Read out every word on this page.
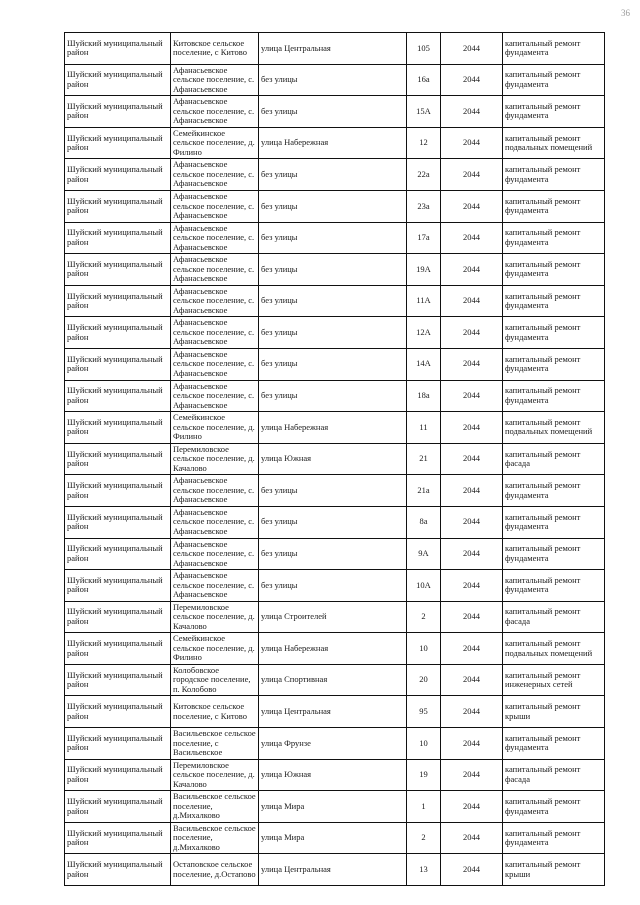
36
Шуйский муниципальный район	Китовское сельское поселение, с Китово	улица Центральная	105	2044	капитальный ремонт фундамента
Шуйский муниципальный район	Афанасьевское сельское поселение, с. Афанасьевское	без улицы	16а	2044	капитальный ремонт фундамента
Шуйский муниципальный район	Афанасьевское сельское поселение, с. Афанасьевское	без улицы	15А	2044	капитальный ремонт фундамента
Шуйский муниципальный район	Семейкинское сельское поселение, д. Филино	улица Набережная	12	2044	капитальный ремонт подвальных помещений
Шуйский муниципальный район	Афанасьевское сельское поселение, с. Афанасьевское	без улицы	22а	2044	капитальный ремонт фундамента
Шуйский муниципальный район	Афанасьевское сельское поселение, с. Афанасьевское	без улицы	23а	2044	капитальный ремонт фундамента
Шуйский муниципальный район	Афанасьевское сельское поселение, с. Афанасьевское	без улицы	17а	2044	капитальный ремонт фундамента
Шуйский муниципальный район	Афанасьевское сельское поселение, с. Афанасьевское	без улицы	19А	2044	капитальный ремонт фундамента
Шуйский муниципальный район	Афанасьевское сельское поселение, с. Афанасьевское	без улицы	11А	2044	капитальный ремонт фундамента
Шуйский муниципальный район	Афанасьевское сельское поселение, с. Афанасьевское	без улицы	12А	2044	капитальный ремонт фундамента
Шуйский муниципальный район	Афанасьевское сельское поселение, с. Афанасьевское	без улицы	14А	2044	капитальный ремонт фундамента
Шуйский муниципальный район	Афанасьевское сельское поселение, с. Афанасьевское	без улицы	18а	2044	капитальный ремонт фундамента
Шуйский муниципальный район	Семейкинское сельское поселение, д. Филино	улица Набережная	11	2044	капитальный ремонт подвальных помещений
Шуйский муниципальный район	Перемиловское сельское поселение, д. Качалово	улица Южная	21	2044	капитальный ремонт фасада
Шуйский муниципальный район	Афанасьевское сельское поселение, с. Афанасьевское	без улицы	21а	2044	капитальный ремонт фундамента
Шуйский муниципальный район	Афанасьевское сельское поселение, с. Афанасьевское	без улицы	8а	2044	капитальный ремонт фундамента
Шуйский муниципальный район	Афанасьевское сельское поселение, с. Афанасьевское	без улицы	9А	2044	капитальный ремонт фундамента
Шуйский муниципальный район	Афанасьевское сельское поселение, с. Афанасьевское	без улицы	10А	2044	капитальный ремонт фундамента
Шуйский муниципальный район	Перемиловское сельское поселение, д. Качалово	улица Строителей	2	2044	капитальный ремонт фасада
Шуйский муниципальный район	Семейкинское сельское поселение, д. Филино	улица Набережная	10	2044	капитальный ремонт подвальных помещений
Шуйский муниципальный район	Колобовское городское поселение, п. Колобово	улица Спортивная	20	2044	капитальный ремонт инженерных сетей
Шуйский муниципальный район	Китовское сельское поселение, с Китово	улица Центральная	95	2044	капитальный ремонт крыши
Шуйский муниципальный район	Васильевское сельское поселение, с Васильевское	улица Фрунзе	10	2044	капитальный ремонт фундамента
Шуйский муниципальный район	Перемиловское сельское поселение, д. Качалово	улица Южная	19	2044	капитальный ремонт фасада
Шуйский муниципальный район	Васильевское сельское поселение, д.Михалково	улица Мира	1	2044	капитальный ремонт фундамента
Шуйский муниципальный район	Васильевское сельское поселение, д.Михалково	улица Мира	2	2044	капитальный ремонт фундамента
Шуйский муниципальный район	Остаповское сельское поселение, д.Остапово	улица Центральная	13	2044	капитальный ремонт крыши
